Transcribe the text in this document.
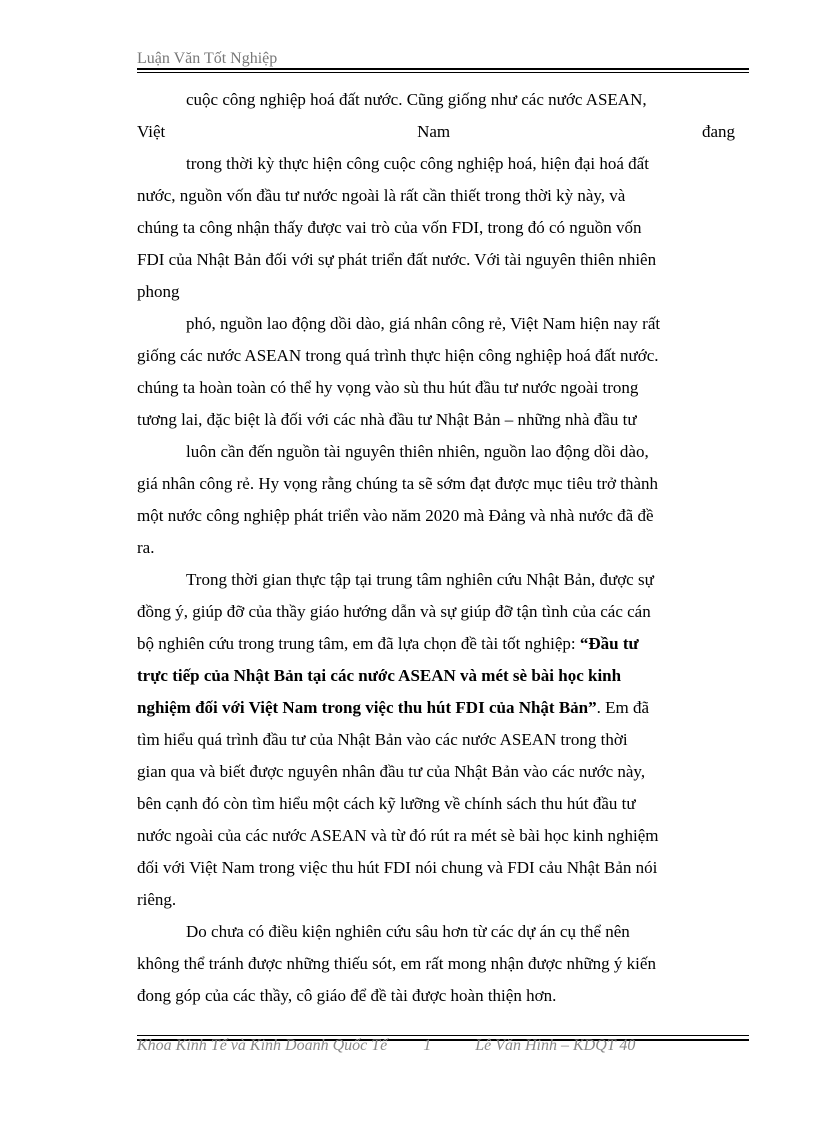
Luận Văn Tốt Nghiệp
cuộc công nghiệp hoá đất nước. Cũng giống như các nước ASEAN,
Việt	Nam	đang
trong thời kỳ thực hiện công cuộc công nghiệp hoá, hiện đại hoá đất
nước, nguồn vốn đầu tư nước ngoài là rất cần thiết trong thời kỳ này, và
chúng ta công nhận thấy được vai trò của vốn FDI, trong đó có nguồn vốn
FDI của Nhật Bản đối với sự phát triển đất nước. Với tài nguyên thiên nhiên
phong
phó, nguồn lao động dồi dào, giá nhân công rẻ, Việt Nam hiện nay rất
giống các nước ASEAN trong quá trình thực hiện công nghiệp hoá đất nước.
chúng ta hoàn toàn có thể hy vọng vào sù thu hút đầu tư nước ngoài trong
tương lai, đặc biệt là đối với các nhà đầu tư Nhật Bản – những nhà đầu tư
luôn cần đến nguồn tài nguyên thiên nhiên, nguồn lao động dồi dào,
giá nhân công rẻ. Hy vọng rằng chúng ta sẽ sớm đạt được mục tiêu trở thành
một nước công nghiệp phát triển vào năm 2020 mà Đảng và nhà nước đã đề
ra.
Trong thời gian thực tập tại trung tâm nghiên cứu Nhật Bản, được sự
đồng ý, giúp đỡ của thầy giáo hướng dẫn và sự giúp đỡ tận tình của các cán
bộ nghiên cứu trong trung tâm, em đã lựa chọn đề tài tốt nghiệp: “Đầu tư
trực tiếp của Nhật Bản tại các nước ASEAN và mét sè bài học kinh
nghiệm đối với Việt Nam trong việc thu hút FDI của Nhật Bản”. Em đã
tìm hiểu quá trình đầu tư của Nhật Bản vào các nước ASEAN trong thời
gian qua và biết được nguyên nhân đầu tư của Nhật Bản vào các nước này,
bên cạnh đó còn tìm hiểu một cách kỹ lưỡng về chính sách thu hút đầu tư
nước ngoài của các nước ASEAN và từ đó rút ra mét sè bài học kinh nghiệm
đối với Việt Nam trong việc thu hút FDI nói chung và FDI cảu Nhật Bản nói
riêng.
Do chưa có điều kiện nghiên cứu sâu hơn từ các dự án cụ thể nên
không thể tránh được những thiếu sót, em rất mong nhận được những ý kiến
đong góp của các thầy, cô giáo để đề tài được hoàn thiện hơn.
Khoa Kinh Tế và Kinh Doanh Quốc Tế 1	Lê Văn Hinh – KDQT 40
